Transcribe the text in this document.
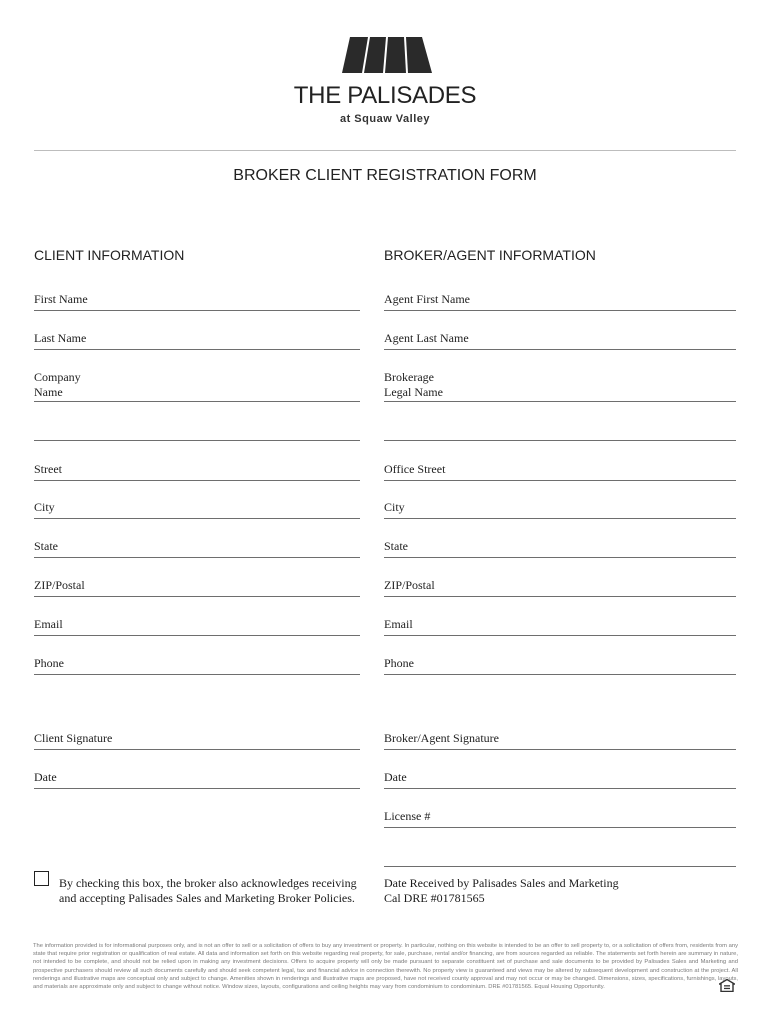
THE PALISADES
at Squaw Valley
BROKER CLIENT REGISTRATION FORM
CLIENT INFORMATION	BROKER/AGENT INFORMATION
First Name
Last Name
Company
Name
Street
City
State
ZIP/Postal
Email
Phone
Client Signature
Date
Agent First Name
Agent Last Name
Brokerage
Legal Name
Office Street
City
State
ZIP/Postal
Email
Phone
Broker/Agent Signature
Date
License #
By checking this box, the broker also acknowledges receiving and accepting Palisades Sales and Marketing Broker Policies.
Date Received by Palisades Sales and Marketing
Cal DRE #01781565
The information provided is for informational purposes only, and is not an offer to sell or a solicitation of offers to buy any investment or property. In particular, nothing on this website is intended to be an offer to sell property to, or a solicitation of offers from, residents from any state that require prior registration or qualification of real estate. All data and information set forth on this website regarding real property, for sale, purchase, rental and/or financing, are from sources regarded as reliable. The statements set forth herein are summary in nature, not intended to be complete, and should not be relied upon in making any investment decisions. Offers to acquire property will only be made pursuant to separate constituent set of purchase and sale documents to be provided by Palisades Sales and Marketing and prospective purchasers should review all such documents carefully and should seek competent legal, tax and financial advice in connection therewith. No property view is guaranteed and views may be altered by subsequent development and construction at the project. All renderings and illustrative maps are conceptual only and subject to change. Amenities shown in renderings and illustrative maps are proposed, have not received county approval and may not occur or may be changed. Dimensions, sizes, specifications, furnishings, layouts, and materials are approximate only and subject to change without notice. Window sizes, layouts, configurations and ceiling heights may vary from condominium to condominium. DRE #01781565. Equal Housing Opportunity.
